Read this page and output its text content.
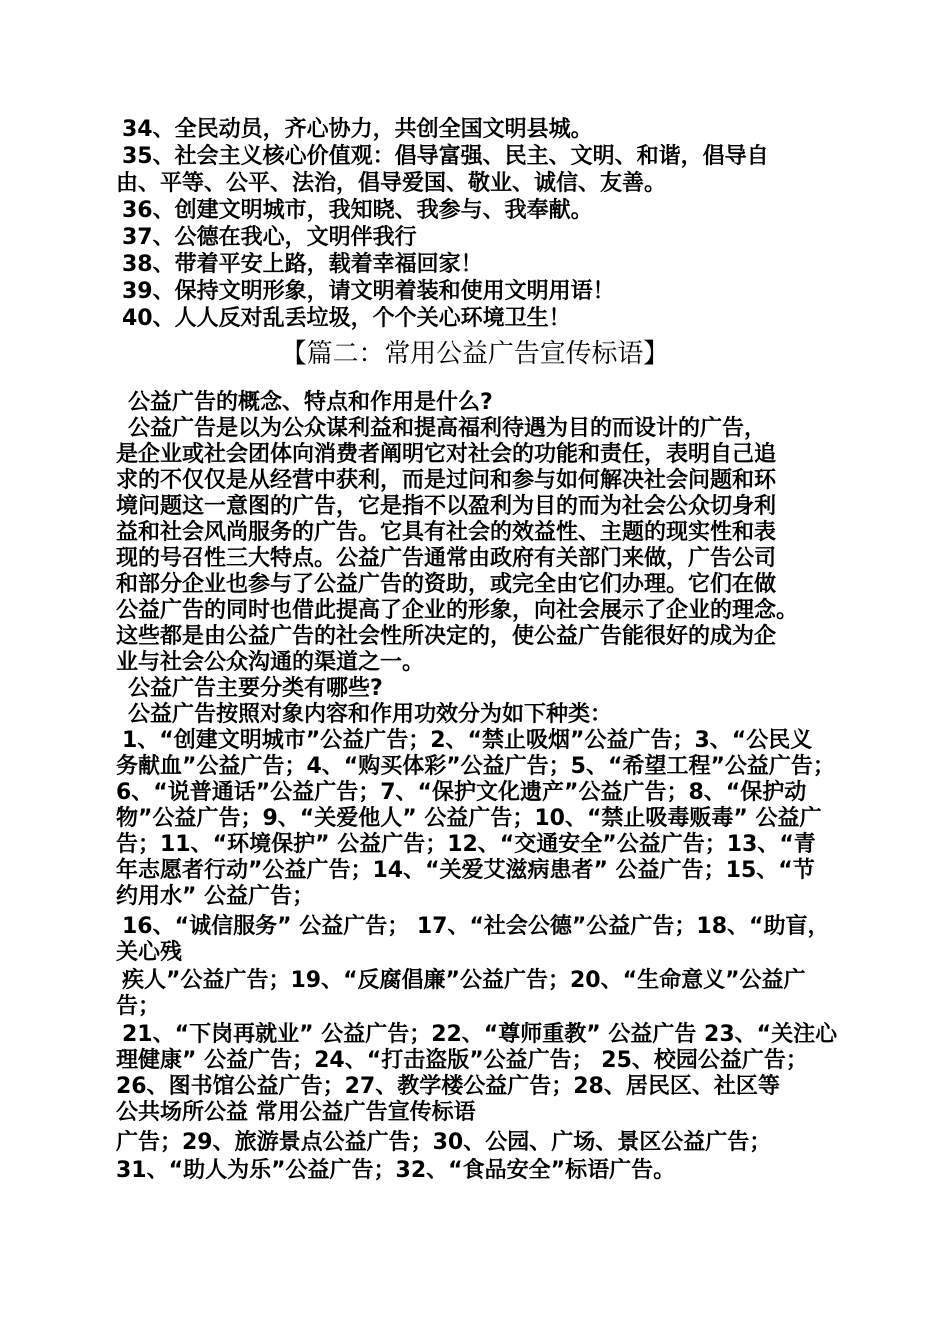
34、全民动员，齐心协力，共创全国文明县城。
35、社会主义核心价值观：倡导富强、民主、文明、和谐，倡导自
由、平等、公平、法治，倡导爱国、敬业、诚信、友善。
36、创建文明城市，我知晓、我参与、我奉献。
37、公德在我心，文明伴我行
38、带着平安上路，载着幸福回家！
39、保持文明形象，请文明着装和使用文明用语！
40、人人反对乱丢垃圾，个个关心环境卫生！
【篇二：常用公益广告宣传标语】
公益广告的概念、特点和作用是什么?
公益广告是以为公众谋利益和提高福利待遇为目的而设计的广告，
是企业或社会团体向消费者阐明它对社会的功能和责任，表明自己追
求的不仅仅是从经营中获利，而是过问和参与如何解决社会问题和环
境问题这一意图的广告，它是指不以盈利为目的而为社会公众切身利
益和社会风尚服务的广告。它具有社会的效益性、主题的现实性和表
现的号召性三大特点。公益广告通常由政府有关部门来做，广告公司
和部分企业也参与了公益广告的资助，或完全由它们办理。它们在做
公益广告的同时也借此提高了企业的形象，向社会展示了企业的理念。
这些都是由公益广告的社会性所决定的，使公益广告能很好的成为企
业与社会公众沟通的渠道之一。
公益广告主要分类有哪些?
公益广告按照对象内容和作用功效分为如下种类：
1、“创建文明城市”公益广告；2、“禁止吸烟”公益广告；3、“公民义
务献血”公益广告；4、“购买体彩”公益广告；5、“希望工程”公益广告；
6、“说普通话”公益广告；7、“保护文化遗产”公益广告；8、“保护动
物”公益广告；9、“关爱他人” 公益广告；10、“禁止吸毒贩毒” 公益广
告；11、“环境保护” 公益广告；12、“交通安全”公益广告；13、“青
年志愿者行动”公益广告；14、“关爱艾滋病患者” 公益广告；15、“节
约用水” 公益广告；
16、“诚信服务” 公益广告； 17、“社会公德”公益广告；18、“助盲，
关心残
疾人”公益广告；19、“反腐倡廉”公益广告；20、“生命意义”公益广
告；
21、“下岗再就业” 公益广告；22、“尊师重教” 公益广告 23、“关注心
理健康” 公益广告；24、“打击盗版”公益广告； 25、校园公益广告；
26、图书馆公益广告；27、教学楼公益广告；28、居民区、社区等
公共场所公益 常用公益广告宣传标语
广告；29、旅游景点公益广告；30、公园、广场、景区公益广告；
31、“助人为乐”公益广告；32、“食品安全”标语广告。
